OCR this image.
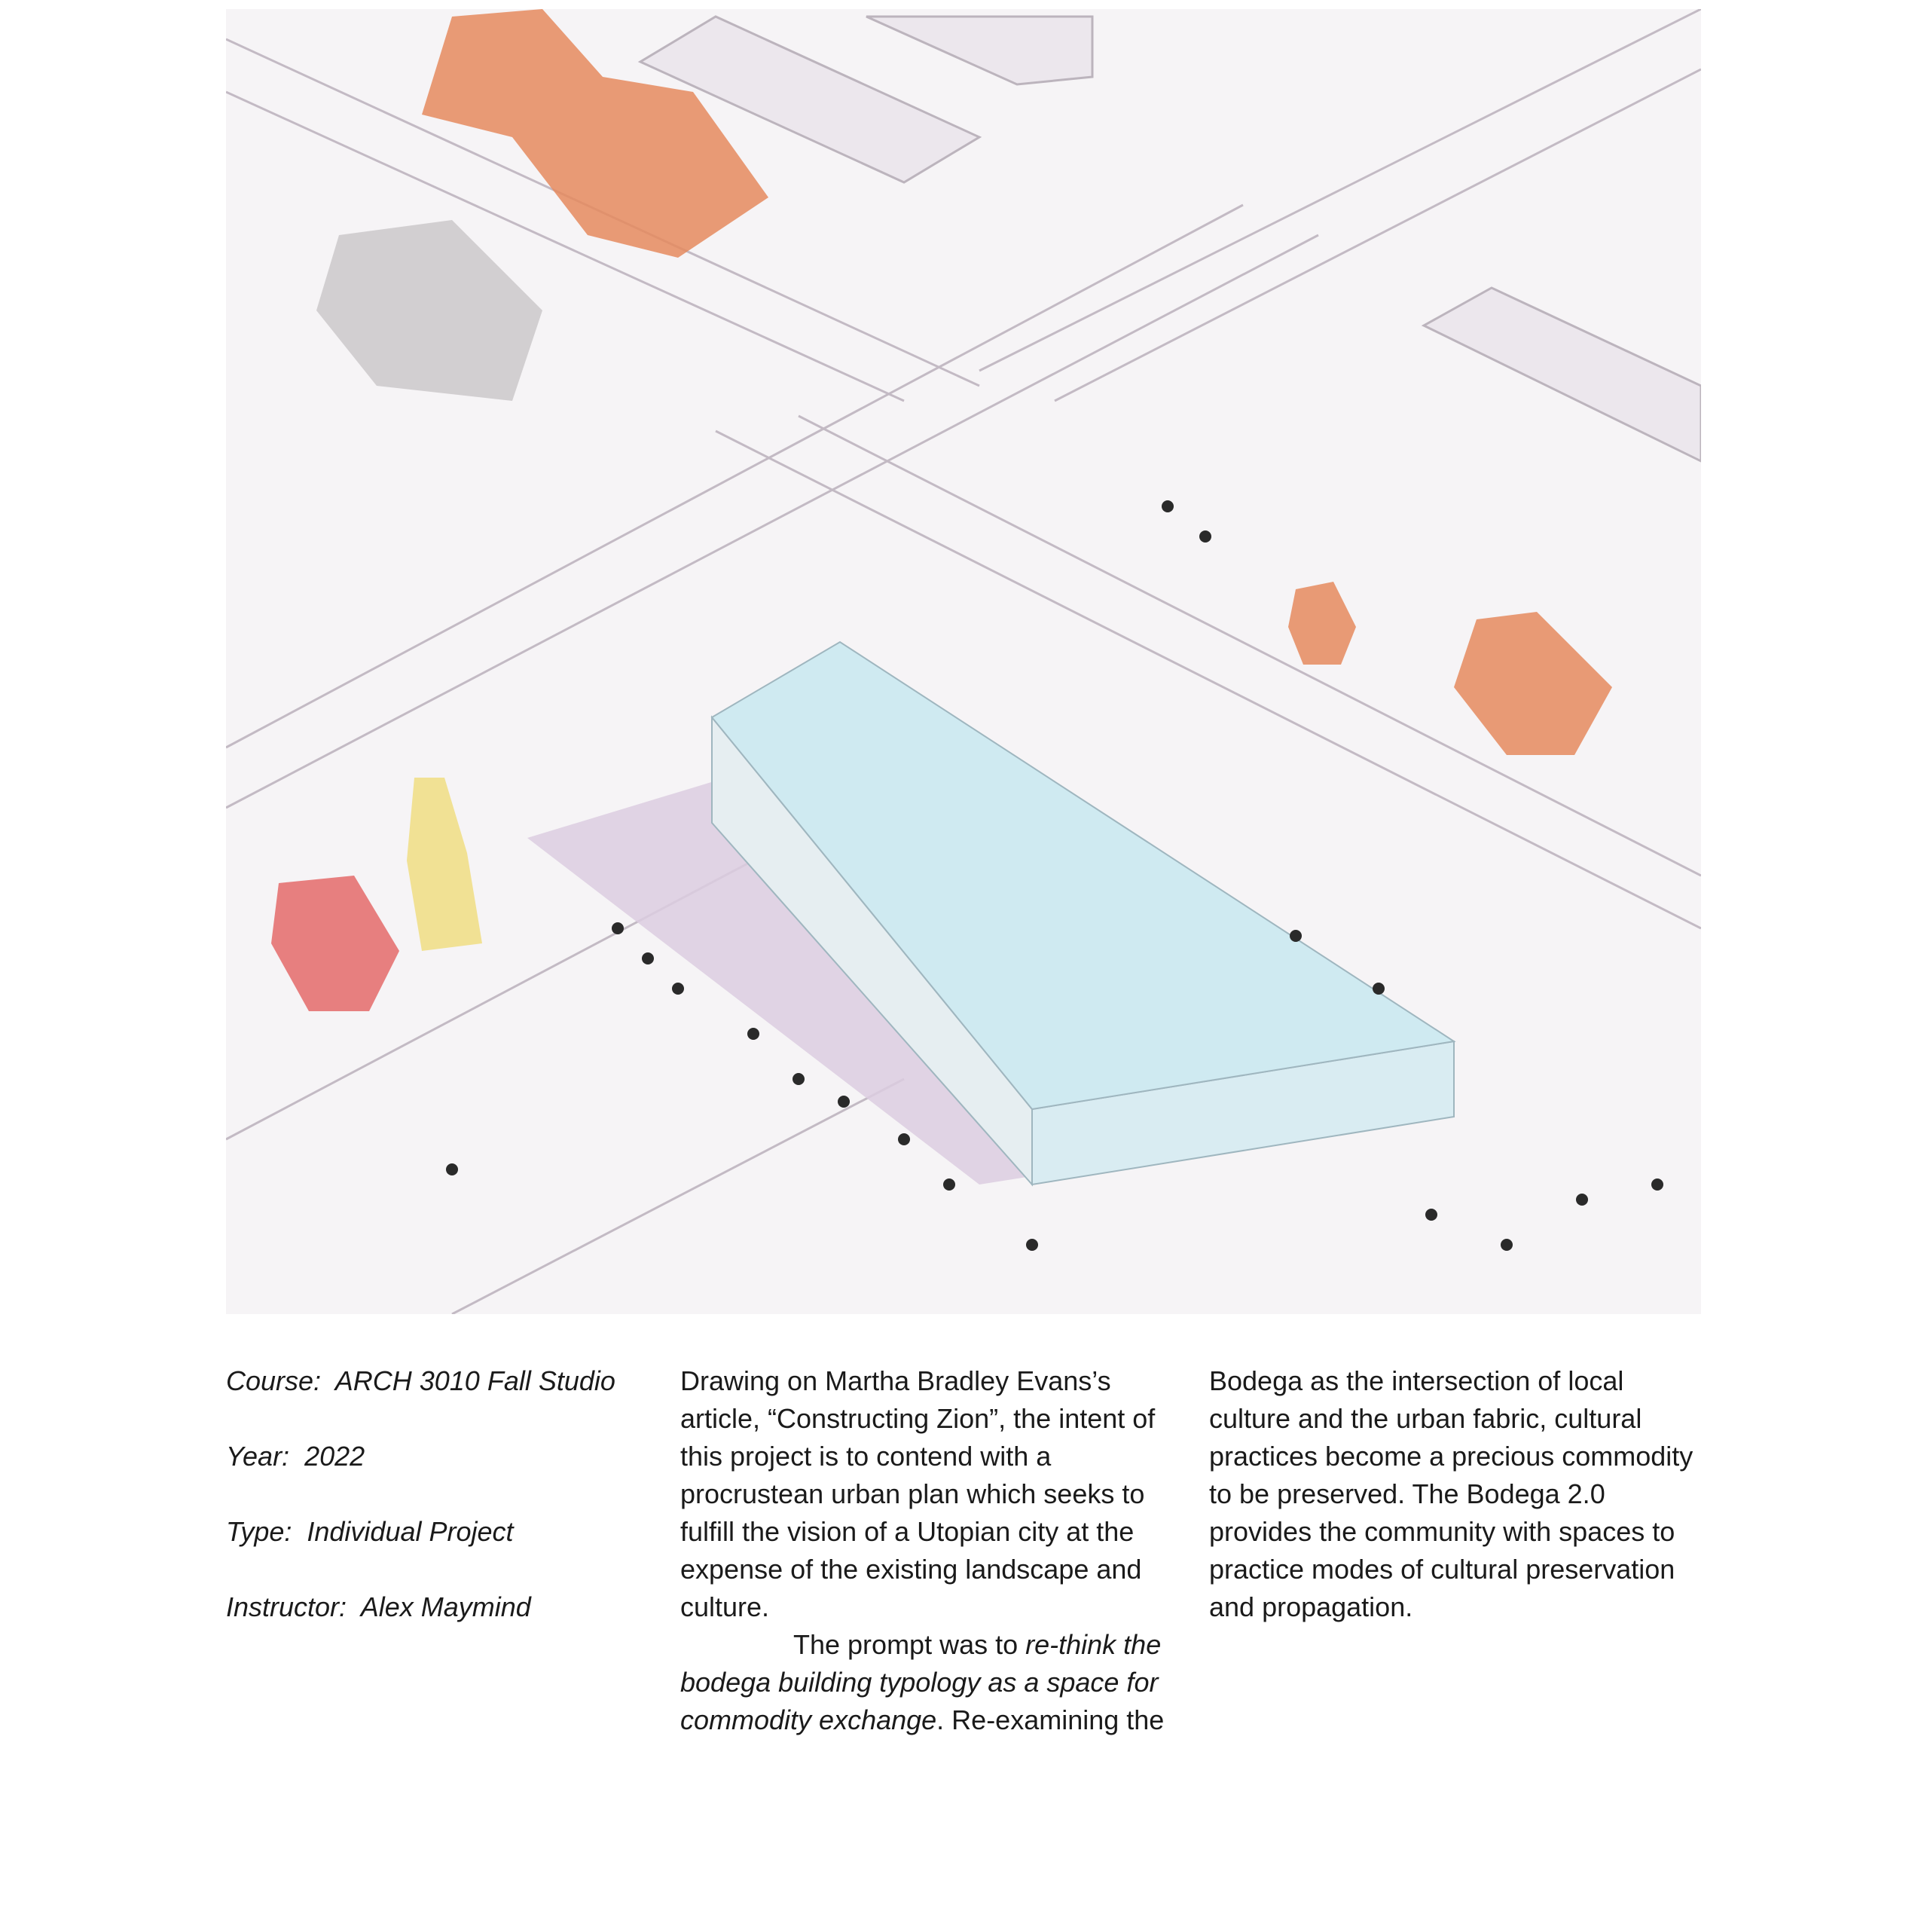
Course: ARCH 3010 Fall Studio
Year: 2022
Type: Individual Project
Instructor: Alex Maymind

Drawing on Martha Bradley Evans’s article, “Constructing Zion”, the intent of this project is to contend with a procrustean urban plan which seeks to fulfill the vision of a Utopian city at the expense of the existing landscape and culture.

The prompt was to re-think the bodega building typology as a space for commodity exchange. Re-examining the

Bodega as the intersection of local culture and the urban fabric, cultural practices become a precious commodity to be preserved. The Bodega 2.0 provides the community with spaces to practice modes of cultural preservation and propagation.
